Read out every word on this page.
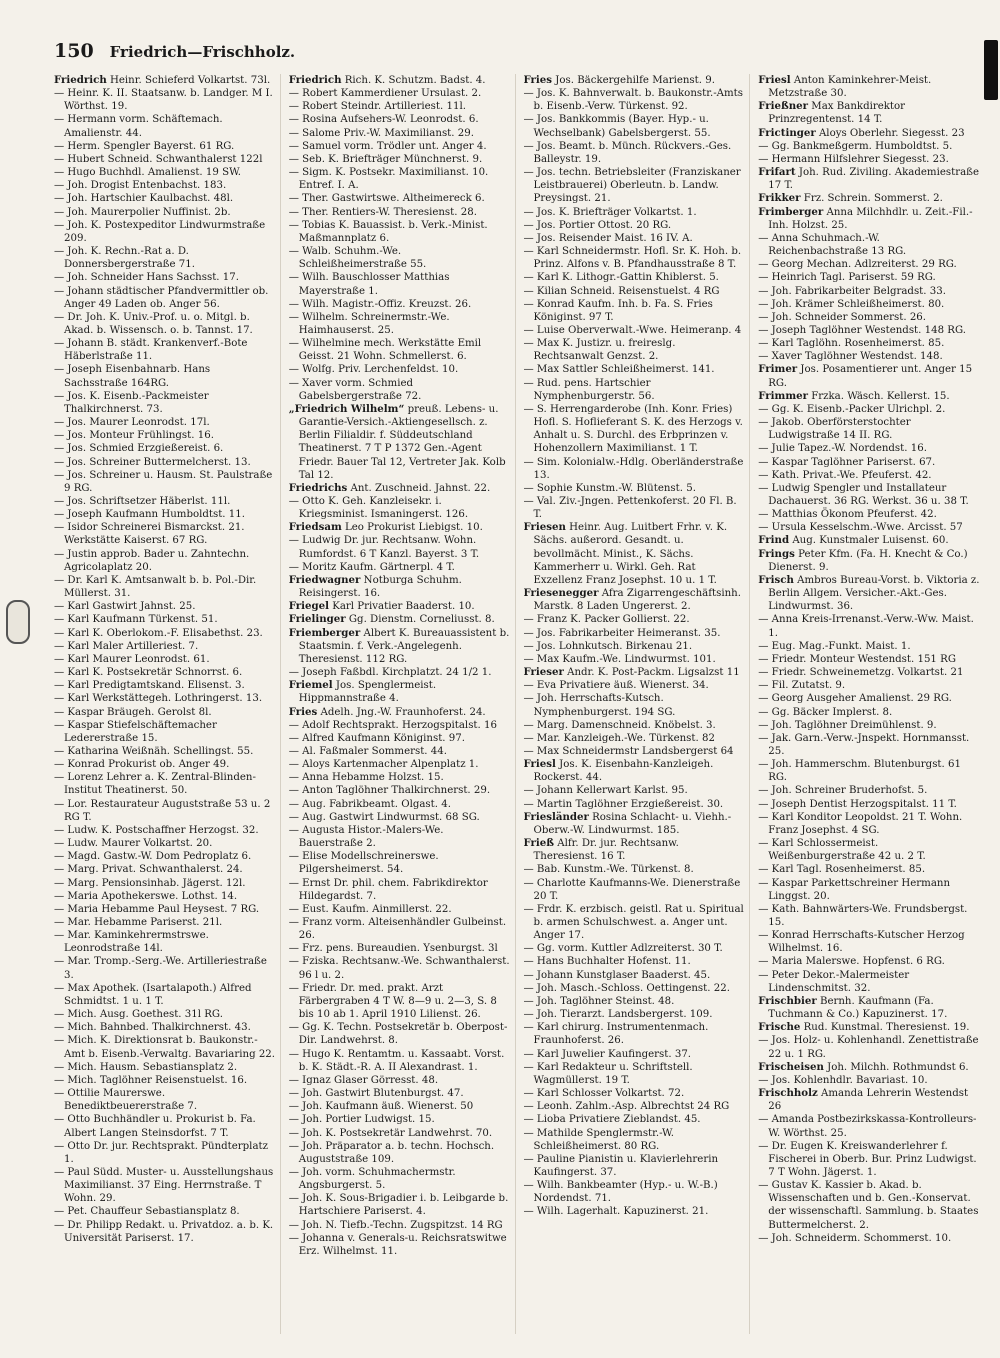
150 Friedrich—Frischholz.

Friedrich Heinr. Schieferd Volkartst. 73l.

— Heinr. K. II. Staatsanw. b. Landger. M I. Wörthst. 19.

— Hermann vorm. Schäftemach. Amalienstr. 44.

— Herm. Spengler Bayerst. 61 RG.

— Hubert Schneid. Schwanthalerst 122l

— Hugo Buchhdl. Amalienst. 19 SW.

— Joh. Drogist Entenbachst. 183.

— Joh. Hartschier Kaulbachst. 48l.

— Joh. Maurerpolier Nuffinist. 2b.

— Joh. K. Postexpeditor Lindwurmstraße 209.

— Joh. K. Rechn.-Rat a. D. Donnersbergerstraße 71.

— Joh. Schneider Hans Sachsst. 17.

— Johann städtischer Pfandvermittler ob. Anger 49 Laden ob. Anger 56.

— Dr. Joh. K. Univ.-Prof. u. o. Mitgl. b. Akad. b. Wissensch. o. b. Tannst. 17.

— Johann B. städt. Krankenverf.-Bote Häberlstraße 11.

— Joseph Eisenbahnarb. Hans Sachsstraße 164RG.

— Jos. K. Eisenb.-Packmeister Thalkirchnerst. 73.

— Jos. Maurer Leonrodst. 17l.

— Jos. Monteur Frühlingst. 16.

— Jos. Schmied Erzgießereist. 6.

— Jos. Schreiner Buttermelcherst. 13.

— Jos. Schreiner u. Hausm. St. Paulstraße 9 RG.

— Jos. Schriftsetzer Häberlst. 11l.

— Joseph Kaufmann Humboldtst. 11.

— Isidor Schreinerei Bismarckst. 21. Werkstätte Kaiserst. 67 RG.

— Justin approb. Bader u. Zahntechn. Agricolaplatz 20.

— Dr. Karl K. Amtsanwalt b. b. Pol.-Dir. Müllerst. 31.

— Karl Gastwirt Jahnst. 25.

— Karl Kaufmann Türkenst. 51.

— Karl K. Oberlokom.-F. Elisabethst. 23.

— Karl Maler Artilleriest. 7.

— Karl Maurer Leonrodst. 61.

— Karl K. Postsekretär Schnorrst. 6.

— Karl Predigtamtskand. Elisenst. 3.

— Karl Werkstättegeh. Lothringerst. 13.

— Kaspar Bräugeh. Gerolst 8l.

— Kaspar Stiefelschäftemacher Ledererstraße 15.

— Katharina Weißnäh. Schellingst. 55.

— Konrad Prokurist ob. Anger 49.

— Lorenz Lehrer a. K. Zentral-Blinden-Institut Theatinerst. 50.

— Lor. Restaurateur Auguststraße 53 u. 2 RG T.

— Ludw. K. Postschaffner Herzogst. 32.

— Ludw. Maurer Volkartst. 20.

— Magd. Gastw.-W. Dom Pedroplatz 6.

— Marg. Privat. Schwanthalerst. 24.

— Marg. Pensionsinhab. Jägerst. 12l.

— Maria Apothekerswe. Lothst. 14.

— Maria Hebamme Paul Heysest. 7 RG.

— Mar. Hebamme Pariserst. 21l.

— Mar. Kaminkehrermstrswe. Leonrodstraße 14l.

— Mar. Tromp.-Serg.-We. Artilleriestraße 3.

— Max Apothek. (Isartalapoth.) Alfred Schmidtst. 1 u. 1 T.

— Mich. Ausg. Goethest. 31l RG.

— Mich. Bahnbed. Thalkirchnerst. 43.

— Mich. K. Direktionsrat b. Baukonstr.-Amt b. Eisenb.-Verwaltg. Bavariaring 22.

— Mich. Hausm. Sebastiansplatz 2.

— Mich. Taglöhner Reisenstuelst. 16.

— Ottilie Maurerswe. Benediktbeuererstraße 7.

— Otto Buchhändler u. Prokurist b. Fa. Albert Langen Steinsdorfst. 7 T.

— Otto Dr. jur. Rechtsprakt. Pündterplatz 1.

— Paul Südd. Muster- u. Ausstellungshaus Maximilianst. 37 Eing. Herrnstraße. T Wohn. 29.

— Pet. Chauffeur Sebastiansplatz 8.

— Dr. Philipp Redakt. u. Privatdoz. a. b. K. Universität Pariserst. 17.

Friedrich Rich. K. Schutzm. Badst. 4.

— Robert Kammerdiener Ursulast. 2.

— Robert Steindr. Artilleriest. 11l.

— Rosina Aufsehers-W. Leonrodst. 6.

— Salome Priv.-W. Maximilianst. 29.

— Samuel vorm. Trödler unt. Anger 4.

— Seb. K. Briefträger Münchnerst. 9.

— Sigm. K. Postsekr. Maximilianst. 10. Entref. I. A.

— Ther. Gastwirtswe. Altheimereck 6.

— Ther. Rentiers-W. Theresienst. 28.

— Tobias K. Bauassist. b. Verk.-Minist. Maßmannplatz 6.

— Walb. Schuhm.-We. Schleißheimerstraße 55.

— Wilh. Bauschlosser Matthias Mayerstraße 1.

— Wilh. Magistr.-Offiz. Kreuzst. 26.

— Wilhelm. Schreinermstr.-We. Haimhauserst. 25.

— Wilhelmine mech. Werkstätte Emil Geisst. 21 Wohn. Schmellerst. 6.

— Wolfg. Priv. Lerchenfeldst. 10.

— Xaver vorm. Schmied Gabelsbergerstraße 72.

„Friedrich Wilhelm“ preuß. Lebens- u. Garantie-Versich.-Aktiengesellsch. z. Berlin Filialdir. f. Süddeutschland Theatinerst. 7 T P 1372 Gen.-Agent Friedr. Bauer Tal 12, Vertreter Jak. Kolb Tal 12.

Friedrichs Ant. Zuschneid. Jahnst. 22.

— Otto K. Geh. Kanzleisekr. i. Kriegsminist. Ismaningerst. 126.

Friedsam Leo Prokurist Liebigst. 10.

— Ludwig Dr. jur. Rechtsanw. Wohn. Rumfordst. 6 T Kanzl. Bayerst. 3 T.

— Moritz Kaufm. Gärtnerpl. 4 T.

Friedwagner Notburga Schuhm. Reisingerst. 16.

Friegel Karl Privatier Baaderst. 10.

Frielinger Gg. Dienstm. Corneliusst. 8.

Friemberger Albert K. Bureauassistent b. Staatsmin. f. Verk.-Angelegenh. Theresienst. 112 RG.

— Joseph Faßbdl. Kirchplatzt. 24 1/2 1.

Friemel Jos. Spenglermeist. Hippmannstraße 4.

Fries Adelh. Jng.-W. Fraunhoferst. 24.

— Adolf Rechtsprakt. Herzogspitalst. 16

— Alfred Kaufmann Königinst. 97.

— Al. Faßmaler Sommerst. 44.

— Aloys Kartenmacher Alpenplatz 1.

— Anna Hebamme Holzst. 15.

— Anton Taglöhner Thalkirchnerst. 29.

— Aug. Fabrikbeamt. Olgast. 4.

— Aug. Gastwirt Lindwurmst. 68 SG.

— Augusta Histor.-Malers-We. Bauerstraße 2.

— Elise Modellschreinerswe. Pilgersheimerst. 54.

— Ernst Dr. phil. chem. Fabrikdirektor Hildegardst. 7.

— Eust. Kaufm. Ainmillerst. 22.

— Franz vorm. Alteisenhändler Gulbeinst. 26.

— Frz. pens. Bureaudien. Ysenburgst. 3l

— Fziska. Rechtsanw.-We. Schwanthalerst. 96 l u. 2.

— Friedr. Dr. med. prakt. Arzt Färbergraben 4 T W. 8—9 u. 2—3, S. 8 bis 10 ab 1. April 1910 Lilienst. 26.

— Gg. K. Techn. Postsekretär b. Oberpost-Dir. Landwehrst. 8.

— Hugo K. Rentamtm. u. Kassaabt. Vorst. b. K. Städt.-R. A. II Alexandrast. 1.

— Ignaz Glaser Görresst. 48.

— Joh. Gastwirt Blutenburgst. 47.

— Joh. Kaufmann äuß. Wienerst. 50

— Joh. Portier Ludwigst. 15.

— Joh. K. Postsekretär Landwehrst. 70.

— Joh. Präparator a. b. techn. Hochsch. Auguststraße 109.

— Joh. vorm. Schuhmachermstr. Angsburgerst. 5.

— Joh. K. Sous-Brigadier i. b. Leibgarde b. Hartschiere Pariserst. 4.

— Joh. N. Tiefb.-Techn. Zugspitzst. 14 RG

— Johanna v. Generals-u. Reichsratswitwe Erz. Wilhelmst. 11.

Fries Jos. Bäckergehilfe Marienst. 9.

— Jos. K. Bahnverwalt. b. Baukonstr.-Amts b. Eisenb.-Verw. Türkenst. 92.

— Jos. Bankkommis (Bayer. Hyp.- u. Wechselbank) Gabelsbergerst. 55.

— Jos. Beamt. b. Münch. Rückvers.-Ges. Balleystr. 19.

— Jos. techn. Betriebsleiter (Franziskaner Leistbrauerei) Oberleutn. b. Landw. Preysingst. 21.

— Jos. K. Briefträger Volkartst. 1.

— Jos. Portier Ottost. 20 RG.

— Jos. Reisender Maist. 16 IV. A.

— Karl Schneidermstr. Hofl. Sr. K. Hoh. b. Prinz. Alfons v. B. Pfandhausstraße 8 T.

— Karl K. Lithogr.-Gattin Khiblerst. 5.

— Kilian Schneid. Reisenstuelst. 4 RG

— Konrad Kaufm. Inh. b. Fa. S. Fries Königinst. 97 T.

— Luise Oberverwalt.-Wwe. Heimeranp. 4

— Max K. Justizr. u. freireslg. Rechtsanwalt Genzst. 2.

— Max Sattler Schleißheimerst. 141.

— Rud. pens. Hartschier Nymphenburgerstr. 56.

— S. Herrengarderobe (Inh. Konr. Fries) Hofl. S. Hoflieferant S. K. des Herzogs v. Anhalt u. S. Durchl. des Erbprinzen v. Hohenzollern Maximilianst. 1 T.

— Sim. Kolonialw.-Hdlg. Oberländerstraße 13.

— Sophie Kunstm.-W. Blütenst. 5.

— Val. Ziv.-Jngen. Pettenkoferst. 20 Fl. B. T.

Friesen Heinr. Aug. Luitbert Frhr. v. K. Sächs. außerord. Gesandt. u. bevollmächt. Minist., K. Sächs. Kammerherr u. Wirkl. Geh. Rat Exzellenz Franz Josephst. 10 u. 1 T.

Friesenegger Afra Zigarrengeschäftsinh. Marstk. 8 Laden Ungererst. 2.

— Franz K. Packer Gollierst. 22.

— Jos. Fabrikarbeiter Heimeranst. 35.

— Jos. Lohnkutsch. Birkenau 21.

— Max Kaufm.-We. Lindwurmst. 101.

Frieser Andr. K. Post-Packm. Ligsalzst 11

— Eva Privatiere äuß. Wienerst. 34.

— Joh. Herrschafts-Kutsch. Nymphenburgerst. 194 SG.

— Marg. Damenschneid. Knöbelst. 3.

— Mar. Kanzleigeh.-We. Türkenst. 82

— Max Schneidermstr Landsbergerst 64

Friesl Jos. K. Eisenbahn-Kanzleigeh. Rockerst. 44.

— Johann Kellerwart Karlst. 95.

— Martin Taglöhner Erzgießereist. 30.

Friesländer Rosina Schlacht- u. Viehh.-Oberw.-W. Lindwurmst. 185.

Frieß Alfr. Dr. jur. Rechtsanw. Theresienst. 16 T.

— Bab. Kunstm.-We. Türkenst. 8.

— Charlotte Kaufmanns-We. Dienerstraße 20 T.

— Frdr. K. erzbisch. geistl. Rat u. Spiritual b. armen Schulschwest. a. Anger unt. Anger 17.

— Gg. vorm. Kuttler Adlzreiterst. 30 T.

— Hans Buchhalter Hofenst. 11.

— Johann Kunstglaser Baaderst. 45.

— Joh. Masch.-Schloss. Oettingenst. 22.

— Joh. Taglöhner Steinst. 48.

— Joh. Tierarzt. Landsbergerst. 109.

— Karl chirurg. Instrumentenmach. Fraunhoferst. 26.

— Karl Juwelier Kaufingerst. 37.

— Karl Redakteur u. Schriftstell. Wagmüllerst. 19 T.

— Karl Schlosser Volkartst. 72.

— Leonh. Zahlm.-Asp. Albrechtst 24 RG

— Lioba Privatiere Zieblandst. 45.

— Mathilde Spenglermstr.-W. Schleißheimerst. 80 RG.

— Pauline Pianistin u. Klavierlehrerin Kaufingerst. 37.

— Wilh. Bankbeamter (Hyp.- u. W.-B.) Nordendst. 71.

— Wilh. Lagerhalt. Kapuzinerst. 21.

Friesl Anton Kaminkehrer-Meist. Metzstraße 30.

Frießner Max Bankdirektor Prinzregentenst. 14 T.

Frictinger Aloys Oberlehr. Siegesst. 23

— Gg. Bankmeßgerm. Humboldtst. 5.

— Hermann Hilfslehrer Siegesst. 23.

Frifart Joh. Rud. Ziviling. Akademiestraße 17 T.

Frikker Frz. Schrein. Sommerst. 2.

Frimberger Anna Milchhdlr. u. Zeit.-Fil.-Inh. Holzst. 25.

— Anna Schuhmach.-W. Reichenbachstraße 13 RG.

— Georg Mechan. Adlzreiterst. 29 RG.

— Heinrich Tagl. Pariserst. 59 RG.

— Joh. Fabrikarbeiter Belgradst. 33.

— Joh. Krämer Schleißheimerst. 80.

— Joh. Schneider Sommerst. 26.

— Joseph Taglöhner Westendst. 148 RG.

— Karl Taglöhn. Rosenheimerst. 85.

— Xaver Taglöhner Westendst. 148.

Frimer Jos. Posamentierer unt. Anger 15 RG.

Frimmer Frzka. Wäsch. Kellerst. 15.

— Gg. K. Eisenb.-Packer Ulrichpl. 2.

— Jakob. Oberförsterstochter Ludwigstraße 14 II. RG.

— Julie Tapez.-W. Nordendst. 16.

— Kaspar Taglöhner Pariserst. 67.

— Kath. Privat.-We. Pfeuferst. 42.

— Ludwig Spengler und Installateur Dachauerst. 36 RG. Werkst. 36 u. 38 T.

— Matthias Ökonom Pfeuferst. 42.

— Ursula Kesselschm.-Wwe. Arcisst. 57

Frind Aug. Kunstmaler Luisenst. 60.

Frings Peter Kfm. (Fa. H. Knecht & Co.) Dienerst. 9.

Frisch Ambros Bureau-Vorst. b. Viktoria z. Berlin Allgem. Versicher.-Akt.-Ges. Lindwurmst. 36.

— Anna Kreis-Irrenanst.-Verw.-Ww. Maist. 1.

— Eug. Mag.-Funkt. Maist. 1.

— Friedr. Monteur Westendst. 151 RG

— Friedr. Schweinemetzg. Volkartst. 21

— Fil. Zutatst. 9.

— Georg Ausgeher Amalienst. 29 RG.

— Gg. Bäcker Implerst. 8.

— Joh. Taglöhner Dreimühlenst. 9.

— Jak. Garn.-Verw.-Jnspekt. Hornmansst. 25.

— Joh. Hammerschm. Blutenburgst. 61 RG.

— Joh. Schreiner Bruderhofst. 5.

— Joseph Dentist Herzogspitalst. 11 T.

— Karl Konditor Leopoldst. 21 T. Wohn. Franz Josephst. 4 SG.

— Karl Schlossermeist. Weißenburgerstraße 42 u. 2 T.

— Karl Tagl. Rosenheimerst. 85.

— Kaspar Parkettschreiner Hermann Linggst. 20.

— Kath. Bahnwärters-We. Frundsbergst. 15.

— Konrad Herrschafts-Kutscher Herzog Wilhelmst. 16.

— Maria Malerswe. Hopfenst. 6 RG.

— Peter Dekor.-Malermeister Lindenschmitst. 32.

Frischbier Bernh. Kaufmann (Fa. Tuchmann & Co.) Kapuzinerst. 17.

Frische Rud. Kunstmal. Theresienst. 19.

— Jos. Holz- u. Kohlenhandl. Zenettistraße 22 u. 1 RG.

Frischeisen Joh. Milchh. Rothmundst 6.

— Jos. Kohlenhdlr. Bavariast. 10.

Frischholz Amanda Lehrerin Westendst 26

— Amanda Postbezirkskassa-Kontrolleurs-W. Wörthst. 25.

— Dr. Eugen K. Kreiswanderlehrer f. Fischerei in Oberb. Bur. Prinz Ludwigst. 7 T Wohn. Jägerst. 1.

— Gustav K. Kassier b. Akad. b. Wissenschaften und b. Gen.-Konservat. der wissenschaftl. Sammlung. b. Staates Buttermelcherst. 2.

— Joh. Schneiderm. Schommerst. 10.
